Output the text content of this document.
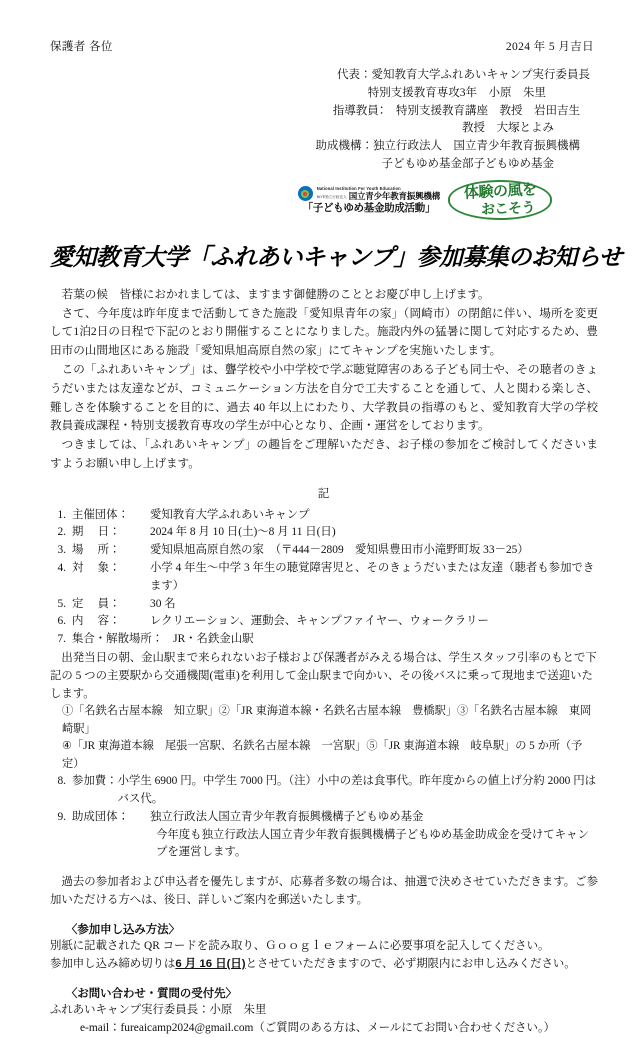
保護者 各位	2024 年 5 月吉日
代表：愛知教育大学ふれあいキャンプ実行委員長
特別支援教育専攻3年　小原　朱里
指導教員：　特別支援教育講座　教授　岩田吉生
教授　大塚とよみ
助成機構：独立行政法人　国立青少年教育振興機構
子どもゆめ基金部子どもゆめ基金
National Institution For Youth Education
NIYE独立行政法人 国立青少年教育振興機構
「子どもゆめ基金助成活動」
体験の風を
おこそう
愛知教育大学「ふれあいキャンプ」参加募集のお知らせ

若葉の候　皆様におかれましては、ますます御健勝のこととお慶び申し上げます。

さて、今年度は昨年度まで活動してきた施設「愛知県青年の家」（岡崎市）の閉館に伴い、場所を変更して1泊2日の日程で下記のとおり開催することになりました。施設内外の猛暑に関して対応するため、豊田市の山間地区にある施設「愛知県旭高原自然の家」にてキャンプを実施いたします。

この「ふれあいキャンプ」は、聾学校や小中学校で学ぶ聴覚障害のある子ども同士や、その聴者のきょうだいまたは友達などが、コミュニケーション方法を自分で工夫することを通して、人と関わる楽しさ、難しさを体験することを目的に、過去 40 年以上にわたり、大学教員の指導のもと、愛知教育大学の学校教員養成課程・特別支援教育専攻の学生が中心となり、企画・運営をしております。

つきましては、「ふれあいキャンプ」の趣旨をご理解いただき、お子様の参加をご検討してくださいますようお願い申し上げます。

記
1. 主催団体：	愛知教育大学ふれあいキャンプ
2. 期　 日：	2024 年 8 月 10 日(土)～8 月 11 日(日)
3. 場　 所：	愛知県旭高原自然の家　（〒444－2809　愛知県豊田市小滝野町坂 33－25）
4. 対　 象：	小学 4 年生～中学 3 年生の聴覚障害児と、そのきょうだいまたは友達（聴者も参加できます）
5. 定　 員：	30 名
6. 内　 容：	レクリエーション、運動会、キャンプファイヤー、ウォークラリー
7. 集合・解散場所： JR・名鉄金山駅
出発当日の朝、金山駅まで来られないお子様および保護者がみえる場合は、学生スタッフ引率のもとで下記の 5 つの主要駅から交通機関(電車)を利用して金山駅まで向かい、その後バスに乗って現地まで送迎いたします。
①「名鉄名古屋本線　知立駅」②「JR 東海道本線・名鉄名古屋本線　豊橋駅」③「名鉄名古屋本線　東岡崎駅」
④「JR 東海道本線　尾張一宮駅、名鉄名古屋本線　一宮駅」⑤「JR 東海道本線　岐阜駅」の 5 か所（予定）
8. 参加費： 小学生 6900 円。中学生 7000 円。（注）小中の差は食事代。昨年度からの値上げ分約 2000 円はバス代。
9. 助成団体：	独立行政法人国立青少年教育振興機構子どもゆめ基金
今年度も独立行政法人国立青少年教育振興機構子どもゆめ基金助成金を受けてキャンプを運営します。
過去の参加者および申込者を優先しますが、応募者多数の場合は、抽選で決めさせていただきます。ご参加いただける方へは、後日、詳しいご案内を郵送いたします。
〈参加申し込み方法〉
別紙に記載された QR コードを読み取り、Ｇｏｏｇｌｅフォームに必要事項を記入してください。
参加申し込み締め切りは6 月 16 日(日)とさせていただきますので、必ず期限内にお申し込みください。
〈お問い合わせ・質問の受付先〉
ふれあいキャンプ実行委員長：小原　朱里
e-mail：fureaicamp2024@gmail.com（ご質問のある方は、メールにてお問い合わせください。）
